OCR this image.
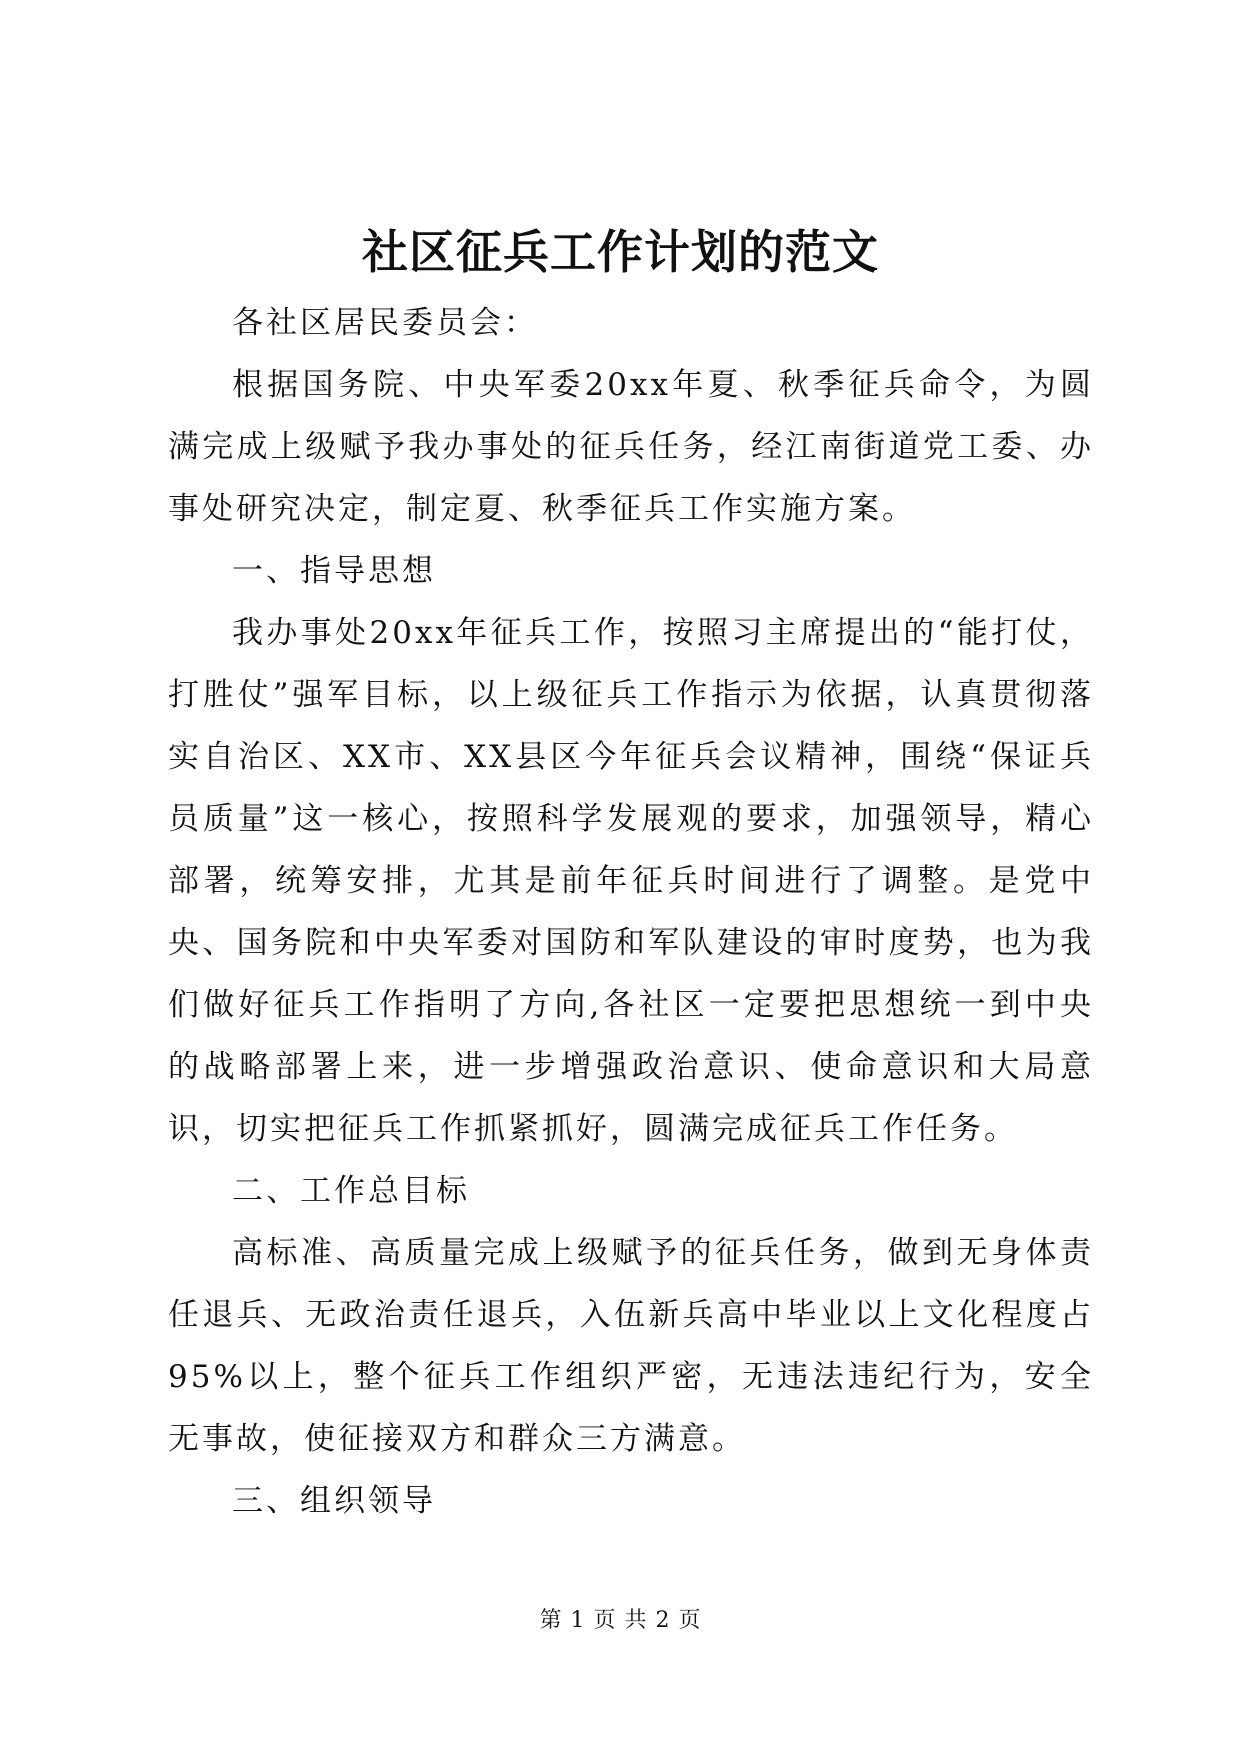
社区征兵工作计划的范文

各社区居民委员会：

根据国务院、中央军委20xx年夏、秋季征兵命令，为圆满完成上级赋予我办事处的征兵任务，经江南街道党工委、办事处研究决定，制定夏、秋季征兵工作实施方案。

一、指导思想

我办事处20xx年征兵工作，按照习主席提出的“能打仗，打胜仗”强军目标，以上级征兵工作指示为依据，认真贯彻落实自治区、XX市、XX县区今年征兵会议精神，围绕“保证兵员质量”这一核心，按照科学发展观的要求，加强领导，精心部署，统筹安排，尤其是前年征兵时间进行了调整。是党中央、国务院和中央军委对国防和军队建设的审时度势，也为我们做好征兵工作指明了方向,各社区一定要把思想统一到中央的战略部署上来，进一步增强政治意识、使命意识和大局意识，切实把征兵工作抓紧抓好，圆满完成征兵工作任务。

二、工作总目标

高标准、高质量完成上级赋予的征兵任务，做到无身体责任退兵、无政治责任退兵，入伍新兵高中毕业以上文化程度占95%以上，整个征兵工作组织严密，无违法违纪行为，安全无事故，使征接双方和群众三方满意。

三、组织领导

第 1 页 共 2 页
